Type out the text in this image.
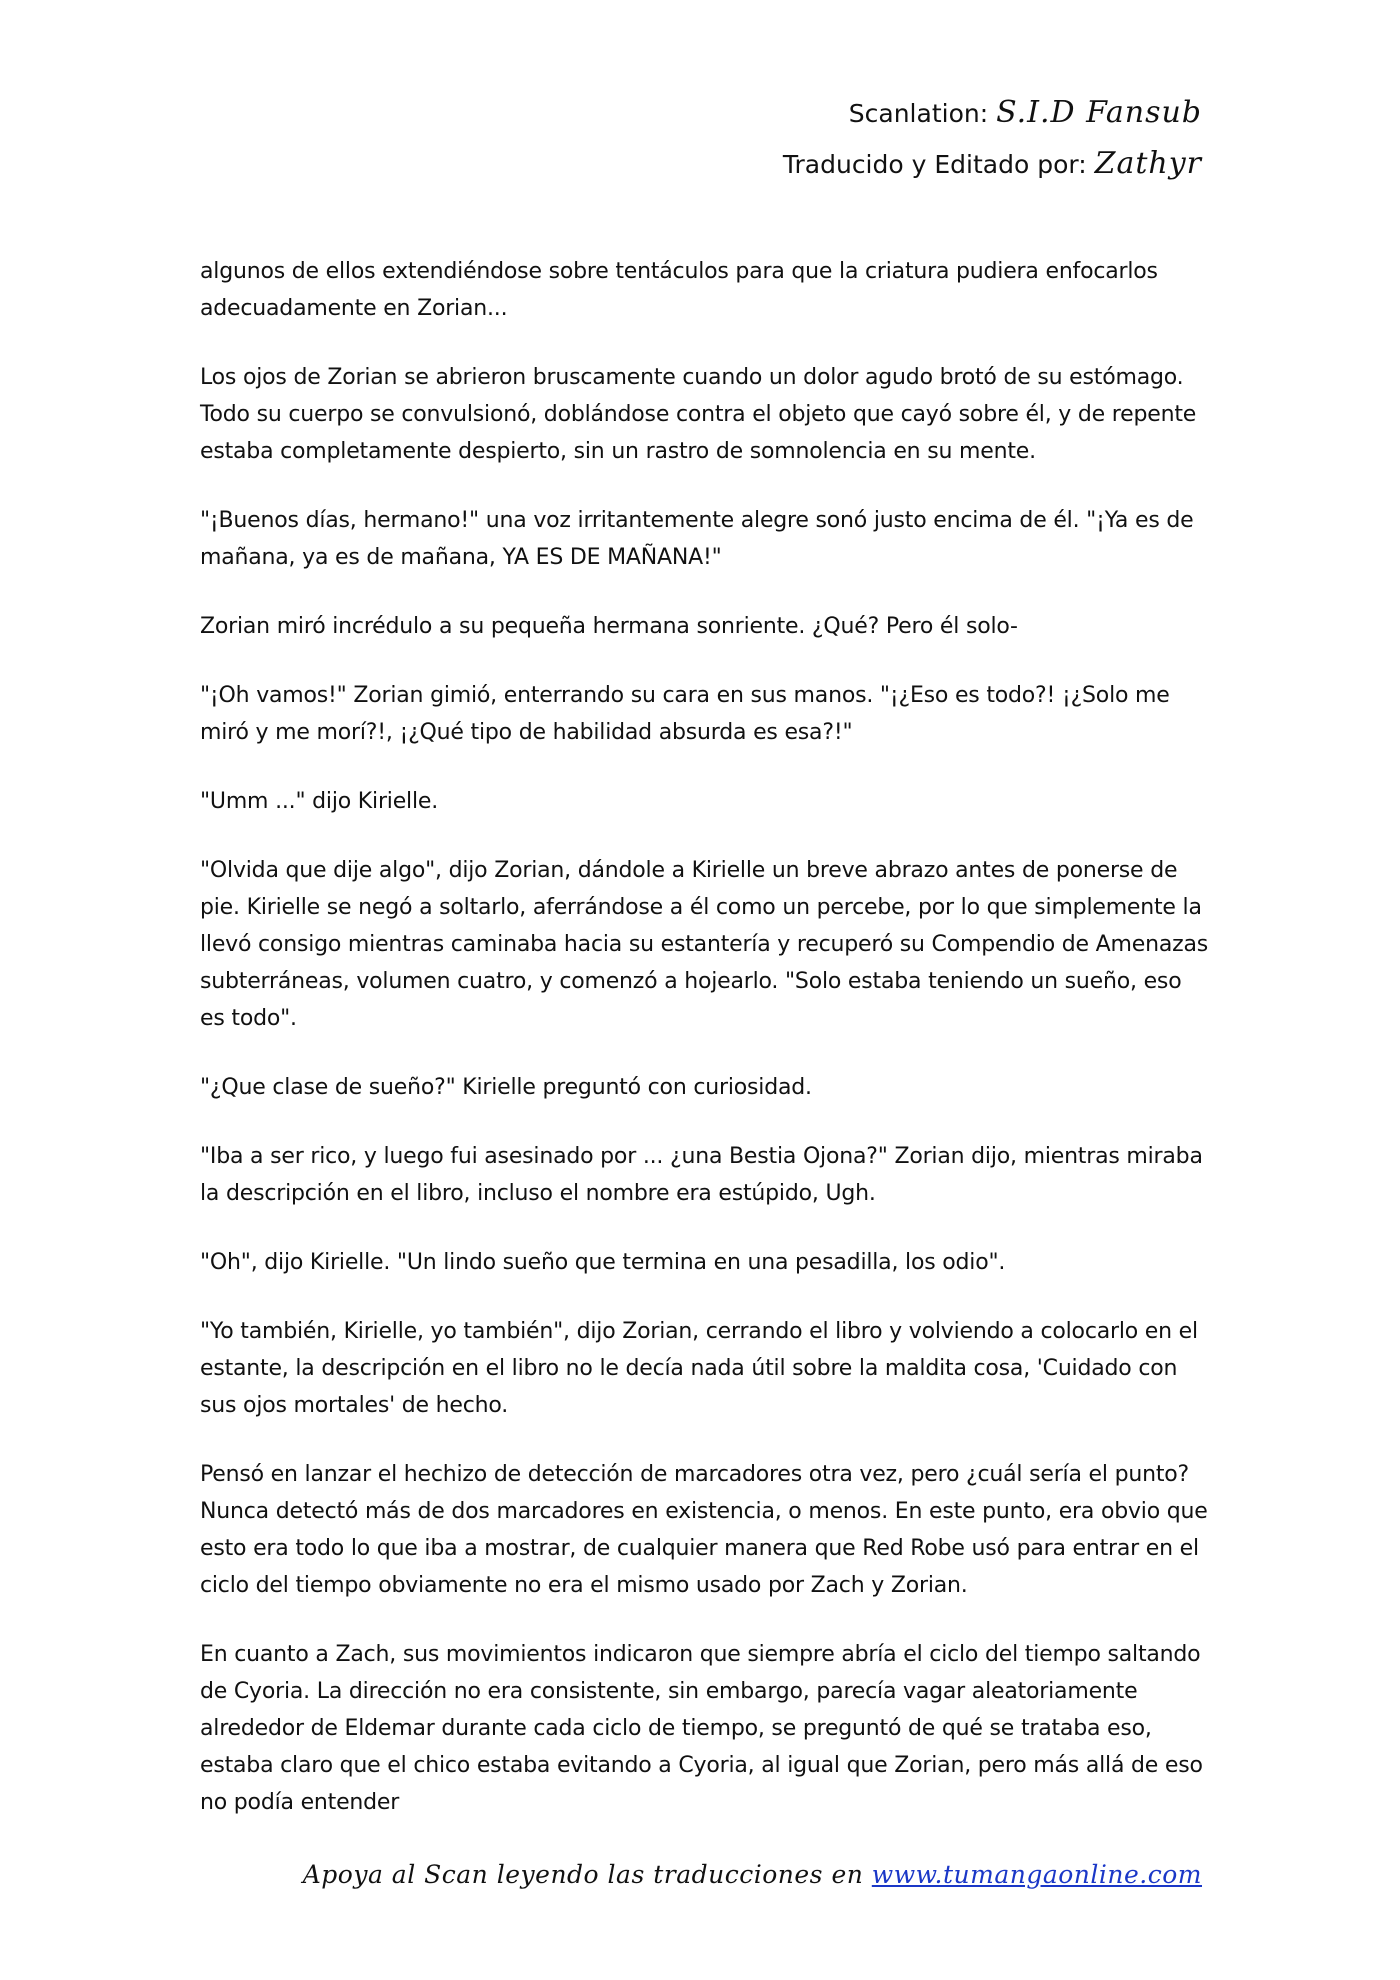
Scanlation: S.I.D Fansub
Traducido y Editado por: Zathyr

algunos de ellos extendiéndose sobre tentáculos para que la criatura pudiera enfocarlos adecuadamente en Zorian...

Los ojos de Zorian se abrieron bruscamente cuando un dolor agudo brotó de su estómago. Todo su cuerpo se convulsionó, doblándose contra el objeto que cayó sobre él, y de repente estaba completamente despierto, sin un rastro de somnolencia en su mente.

"¡Buenos días, hermano!" una voz irritantemente alegre sonó justo encima de él. "¡Ya es de mañana, ya es de mañana, YA ES DE MAÑANA!"

Zorian miró incrédulo a su pequeña hermana sonriente. ¿Qué? Pero él solo-

"¡Oh vamos!" Zorian gimió, enterrando su cara en sus manos. "¡¿Eso es todo?! ¡¿Solo me miró y me morí?!, ¡¿Qué tipo de habilidad absurda es esa?!"

"Umm ..." dijo Kirielle.

"Olvida que dije algo", dijo Zorian, dándole a Kirielle un breve abrazo antes de ponerse de pie. Kirielle se negó a soltarlo, aferrándose a él como un percebe, por lo que simplemente la llevó consigo mientras caminaba hacia su estantería y recuperó su Compendio de Amenazas subterráneas, volumen cuatro, y comenzó a hojearlo. "Solo estaba teniendo un sueño, eso es todo".

"¿Que clase de sueño?" Kirielle preguntó con curiosidad.

"Iba a ser rico, y luego fui asesinado por ... ¿una Bestia Ojona?" Zorian dijo, mientras miraba la descripción en el libro, incluso el nombre era estúpido, Ugh.

"Oh", dijo Kirielle. "Un lindo sueño que termina en una pesadilla, los odio".

"Yo también, Kirielle, yo también", dijo Zorian, cerrando el libro y volviendo a colocarlo en el estante, la descripción en el libro no le decía nada útil sobre la maldita cosa, 'Cuidado con sus ojos mortales' de hecho.

Pensó en lanzar el hechizo de detección de marcadores otra vez, pero ¿cuál sería el punto? Nunca detectó más de dos marcadores en existencia, o menos. En este punto, era obvio que esto era todo lo que iba a mostrar, de cualquier manera que Red Robe usó para entrar en el ciclo del tiempo obviamente no era el mismo usado por Zach y Zorian.

En cuanto a Zach, sus movimientos indicaron que siempre abría el ciclo del tiempo saltando de Cyoria. La dirección no era consistente, sin embargo, parecía vagar aleatoriamente alrededor de Eldemar durante cada ciclo de tiempo, se preguntó de qué se trataba eso, estaba claro que el chico estaba evitando a Cyoria, al igual que Zorian, pero más allá de eso no podía entender

Apoya al Scan leyendo las traducciones en www.tumangaonline.com
